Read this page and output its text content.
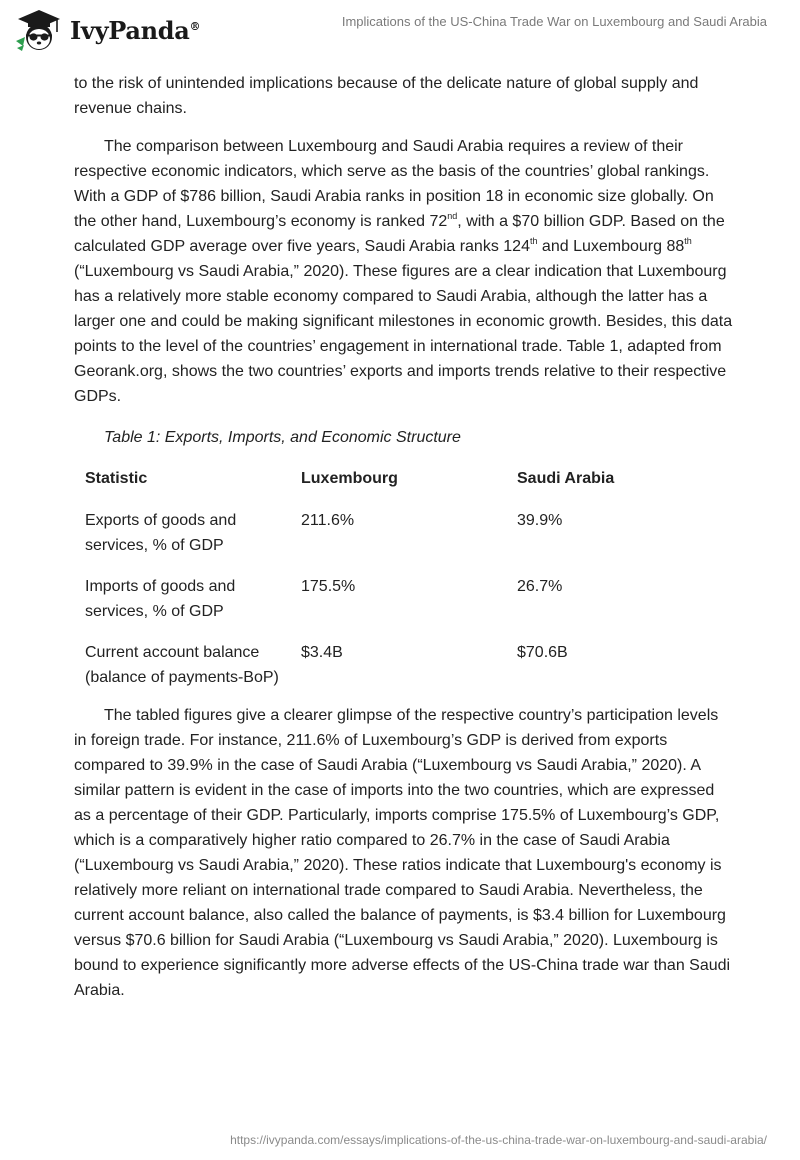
IvyPanda®	Implications of the US-China Trade War on Luxembourg and Saudi Arabia

to the risk of unintended implications because of the delicate nature of global supply and revenue chains.

The comparison between Luxembourg and Saudi Arabia requires a review of their respective economic indicators, which serve as the basis of the countries’ global rankings. With a GDP of $786 billion, Saudi Arabia ranks in position 18 in economic size globally. On the other hand, Luxembourg’s economy is ranked 72nd, with a $70 billion GDP. Based on the calculated GDP average over five years, Saudi Arabia ranks 124th and Luxembourg 88th (“Luxembourg vs Saudi Arabia,” 2020). These figures are a clear indication that Luxembourg has a relatively more stable economy compared to Saudi Arabia, although the latter has a larger one and could be making significant milestones in economic growth. Besides, this data points to the level of the countries’ engagement in international trade. Table 1, adapted from Georank.org, shows the two countries’ exports and imports trends relative to their respective GDPs.

Table 1: Exports, Imports, and Economic Structure

Statistic	Luxembourg	Saudi Arabia
Exports of goods and services, % of GDP	211.6%	39.9%
Imports of goods and services, % of GDP	175.5%	26.7%
Current account balance (balance of payments-BoP)	$3.4B	$70.6B

The tabled figures give a clearer glimpse of the respective country’s participation levels in foreign trade. For instance, 211.6% of Luxembourg’s GDP is derived from exports compared to 39.9% in the case of Saudi Arabia (“Luxembourg vs Saudi Arabia,” 2020). A similar pattern is evident in the case of imports into the two countries, which are expressed as a percentage of their GDP. Particularly, imports comprise 175.5% of Luxembourg’s GDP, which is a comparatively higher ratio compared to 26.7% in the case of Saudi Arabia (“Luxembourg vs Saudi Arabia,” 2020). These ratios indicate that Luxembourg's economy is relatively more reliant on international trade compared to Saudi Arabia. Nevertheless, the current account balance, also called the balance of payments, is $3.4 billion for Luxembourg versus $70.6 billion for Saudi Arabia (“Luxembourg vs Saudi Arabia,” 2020). Luxembourg is bound to experience significantly more adverse effects of the US-China trade war than Saudi Arabia.

https://ivypanda.com/essays/implications-of-the-us-china-trade-war-on-luxembourg-and-saudi-arabia/
